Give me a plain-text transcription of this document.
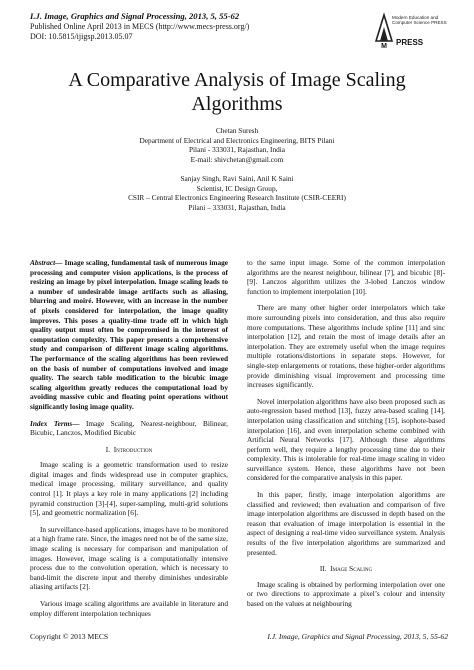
I.J. Image, Graphics and Signal Processing, 2013, 5, 55-62
Published Online April 2013 in MECS (http://www.mecs-press.org/)
DOI: 10.5815/ijigsp.2013.05.07
M
Modern Education and Computer Science PRESS
PRESS
A Comparative Analysis of Image Scaling
Algorithms
Chetan Suresh
Department of Electrical and Electronics Engineering, BITS Pilani
Pilani - 333031, Rajasthan, India
E-mail: shivchetan@gmail.com
Sanjay Singh, Ravi Saini, Anil K Saini
Scientist, IC Design Group,
CSIR – Central Electronics Engineering Research Institute (CSIR-CEERI)
Pilani – 333031, Rajasthan, India

Abstract— Image scaling, fundamental task of numerous image processing and computer vision applications, is the process of resizing an image by pixel interpolation. Image scaling leads to a number of undesirable image artifacts such as aliasing, blurring and moiré. However, with an increase in the number of pixels considered for interpolation, the image quality improves. This poses a quality-time trade off in which high quality output must often be compromised in the interest of computation complexity. This paper presents a comprehensive study and comparison of different image scaling algorithms. The performance of the scaling algorithms has been reviewed on the basis of number of computations involved and image quality. The search table modification to the bicubic image scaling algorithm greatly reduces the computational load by avoiding massive cubic and floating point operations without significantly losing image quality.

Index Terms— Image Scaling, Nearest-neighbour, Bilinear, Bicubic, Lanczos, Modified Bicubic

I. Introduction

Image scaling is a geometric transformation used to resize digital images and finds widespread use in computer graphics, medical image processing, military surveillance, and quality control [1]. It plays a key role in many applications [2] including pyramid construction [3]-[4], super-sampling, multi-grid solutions [5], and geometric normalization [6].

In surveillance-based applications, images have to be monitored at a high frame rate. Since, the images need not be of the same size, image scaling is necessary for comparison and manipulation of images. However, image scaling is a computationally intensive process due to the convolution operation, which is necessary to band-limit the discrete input and thereby diminishes undesirable aliasing artifacts [2].

Various image scaling algorithms are available in literature and employ different interpolation techniques

to the same input image. Some of the common interpolation algorithms are the nearest neighbour, bilinear [7], and bicubic [8]-[9]. Lanczos algorithm utilizes the 3-lobed Lanczos window function to implement interpolation [10].

There are many other higher order interpolators which take more surrounding pixels into consideration, and thus also require more computations. These algorithms include spline [11] and sinc interpolation [12], and retain the most of image details after an interpolation. They are extremely useful when the image requires multiple rotations/distortions in separate steps. However, for single-step enlargements or rotations, these higher-order algorithms provide diminishing visual improvement and processing time increases significantly.

Novel interpolation algorithms have also been proposed such as auto-regression based method [13], fuzzy area-based scaling [14], interpolation using classification and stitching [15], isophote-based interpolation [16], and even interpolation scheme combined with Artificial Neural Networks [17]. Although these algorithms perform well, they require a lengthy processing time due to their complexity. This is intolerable for real-time image scaling in video surveillance system. Hence, these algorithms have not been considered for the comparative analysis in this paper.

In this paper, firstly, image interpolation algorithms are classified and reviewed; then evaluation and comparison of five image interpolation algorithms are discussed in depth based on the reason that evaluation of image interpolation is essential in the aspect of designing a real-time video surveillance system. Analysis results of the five interpolation algorithms are summarized and presented.

II. Image Scaling

Image scaling is obtained by performing interpolation over one or two directions to approximate a pixel’s colour and intensity based on the values at neighbouring

Copyright © 2013 MECS	I.J. Image, Graphics and Signal Processing, 2013, 5, 55-62
